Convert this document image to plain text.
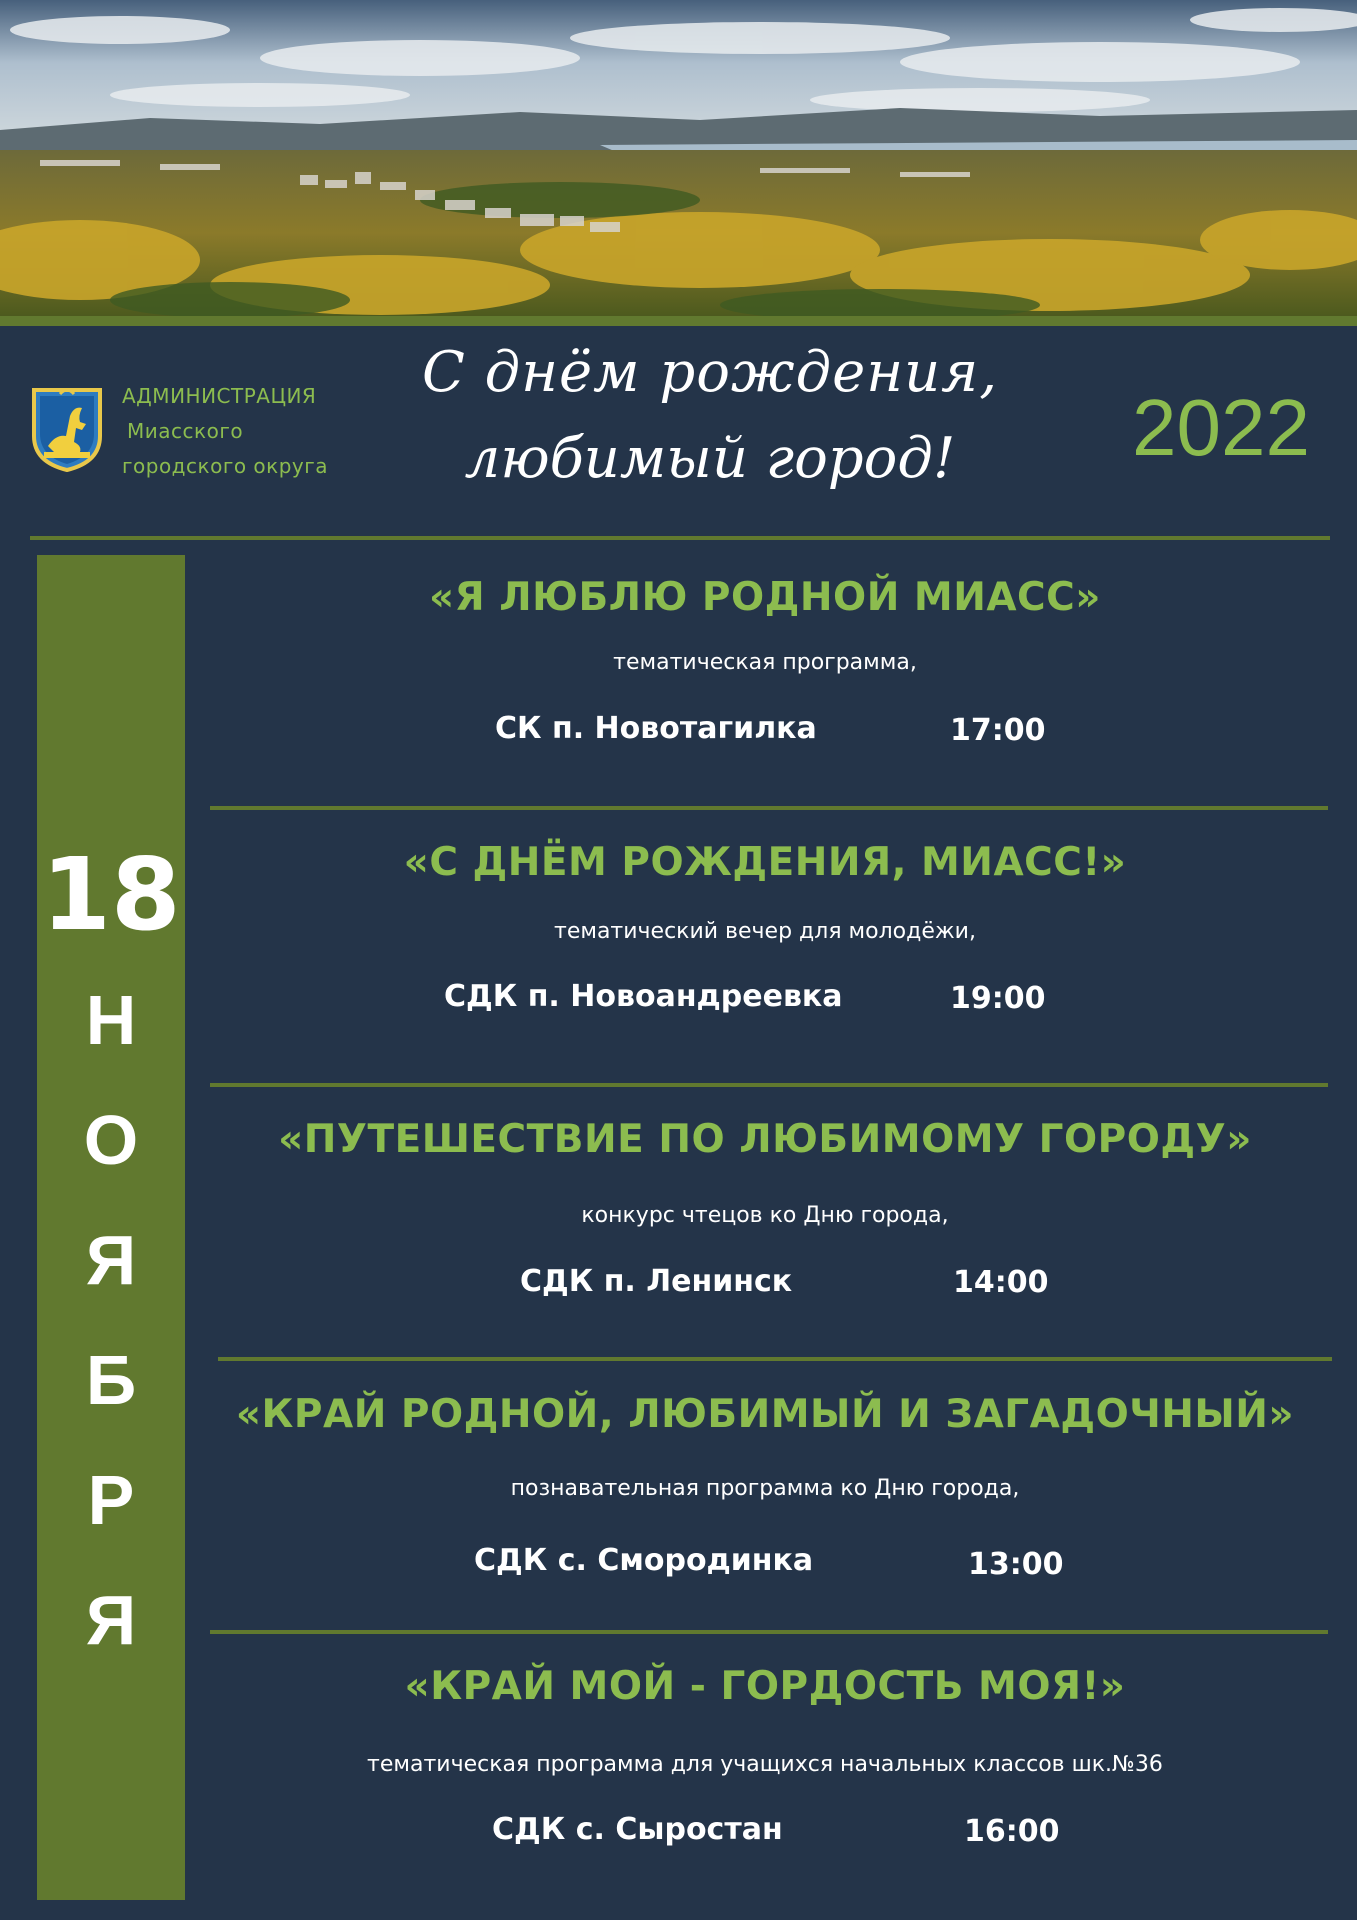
АДМИНИСТРАЦИЯ
Миасского
городского округа
С днём рождения,
любимый город!	2022
18
Н
О
Я
Б
Р
Я
«Я ЛЮБЛЮ РОДНОЙ МИАСС»
тематическая программа,
СК п. Новотагилка	17:00
«С ДНЁМ РОЖДЕНИЯ, МИАСС!»
тематический вечер для молодёжи,
СДК п. Новоандреевка	19:00
«ПУТЕШЕСТВИЕ ПО ЛЮБИМОМУ ГОРОДУ»
конкурс чтецов ко Дню города,
СДК п. Ленинск	14:00
«КРАЙ РОДНОЙ, ЛЮБИМЫЙ И ЗАГАДОЧНЫЙ»
познавательная программа ко Дню города,
СДК с. Смородинка	13:00
«КРАЙ МОЙ - ГОРДОСТЬ МОЯ!»
тематическая программа для учащихся начальных классов шк.№36
СДК с. Сыростан	16:00
